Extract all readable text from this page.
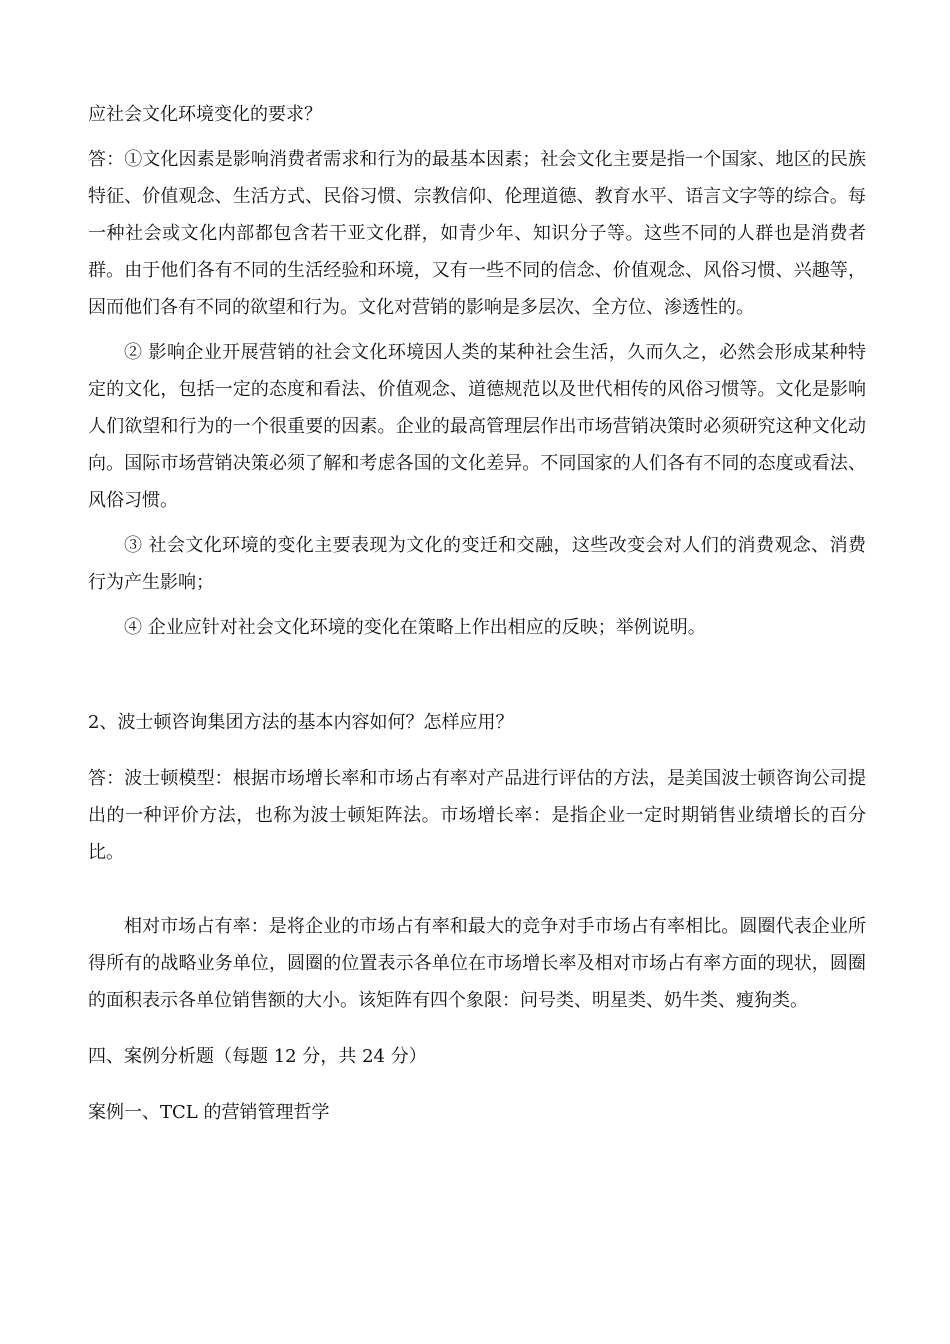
应社会文化环境变化的要求？

答：①文化因素是影响消费者需求和行为的最基本因素；社会文化主要是指一个国家、地区的民族特征、价值观念、生活方式、民俗习惯、宗教信仰、伦理道德、教育水平、语言文字等的综合。每一种社会或文化内部都包含若干亚文化群，如青少年、知识分子等。这些不同的人群也是消费者群。由于他们各有不同的生活经验和环境，又有一些不同的信念、价值观念、风俗习惯、兴趣等，因而他们各有不同的欲望和行为。文化对营销的影响是多层次、全方位、渗透性的。

② 影响企业开展营销的社会文化环境因人类的某种社会生活，久而久之，必然会形成某种特定的文化，包括一定的态度和看法、价值观念、道德规范以及世代相传的风俗习惯等。文化是影响人们欲望和行为的一个很重要的因素。企业的最高管理层作出市场营销决策时必须研究这种文化动向。国际市场营销决策必须了解和考虑各国的文化差异。不同国家的人们各有不同的态度或看法、风俗习惯。

③ 社会文化环境的变化主要表现为文化的变迁和交融，这些改变会对人们的消费观念、消费行为产生影响；

④ 企业应针对社会文化环境的变化在策略上作出相应的反映；举例说明。

2、波士顿咨询集团方法的基本内容如何？怎样应用？

答：波士顿模型：根据市场增长率和市场占有率对产品进行评估的方法，是美国波士顿咨询公司提出的一种评价方法，也称为波士顿矩阵法。市场增长率：是指企业一定时期销售业绩增长的百分比。

相对市场占有率：是将企业的市场占有率和最大的竞争对手市场占有率相比。圆圈代表企业所得所有的战略业务单位，圆圈的位置表示各单位在市场增长率及相对市场占有率方面的现状，圆圈的面积表示各单位销售额的大小。该矩阵有四个象限：问号类、明星类、奶牛类、瘦狗类。

四、案例分析题（每题 12 分，共 24 分）

案例一、TCL 的营销管理哲学
